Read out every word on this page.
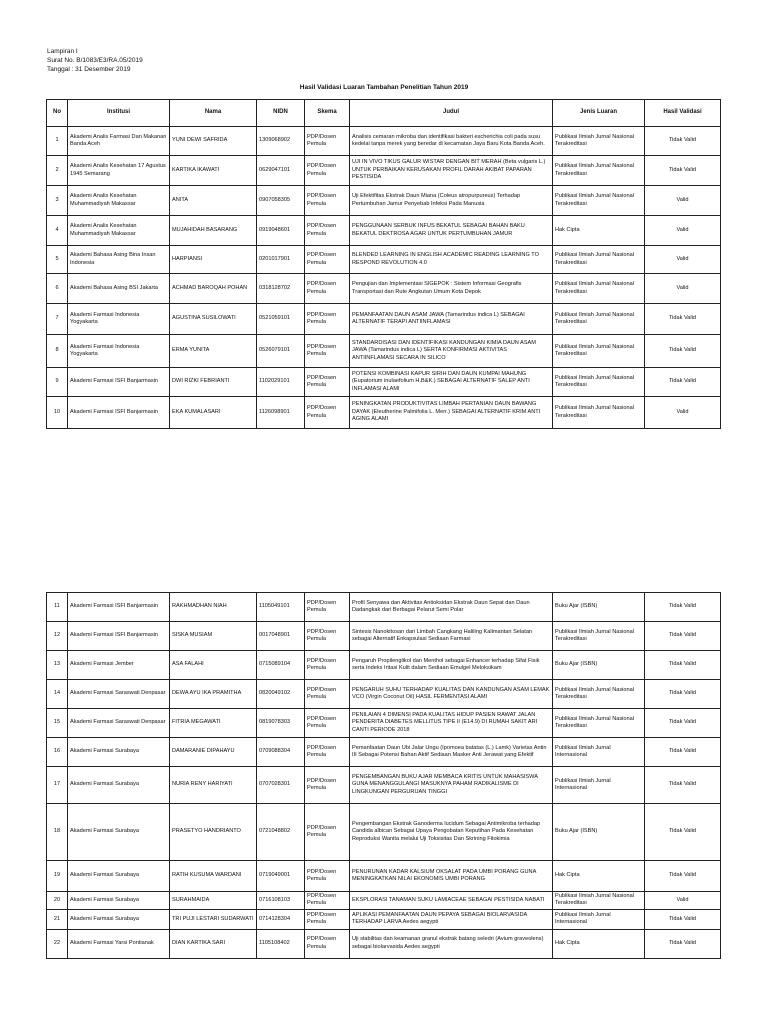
Lampiran I
Surat No. B/1083/E3/RA.05/2019
Tanggal : 31 Desember 2019
Hasil Validasi Luaran Tambahan Penelitian Tahun 2019
No	Institusi	Nama	NIDN	Skema	Judul	Jenis Luaran	Hasil Validasi
1	Akademi Analis Farmasi Dan Makanan Banda Aceh	YUNI DEWI SAFRIDA	1309068902	PDP/Dosen Pemula	Analisis cemaran mikroba dan identifikasi bakteri escherichia coli pada susu kedelai tanpa merek yang beredar di kecamatan Jaya Baru Kota Banda Aceh.	Publikasi Ilmiah Jurnal Nasional Terakreditasi	Tidak Valid
2	Akademi Analis Kesehatan 17 Agustus 1945 Semarang	KARTIKA IKAWATI	0629047101	PDP/Dosen Pemula	UJI IN VIVO TIKUS GALUR WISTAR DENGAN BIT MERAH (Beta vulgaris L.) UNTUK PERBAIKAN KERUSAKAN PROFIL DARAH AKIBAT PAPARAN PESTISIDA	Publikasi Ilmiah Jurnal Nasional Terakreditasi	Tidak Valid
3	Akademi Analis Kesehatan Muhammadiyah Makassar	ANITA	0907058305	PDP/Dosen Pemula	Uji Efektifitas Ekstrak Daun Miana (Coleus atropurpureus) Terhadap Pertumbuhan Jamur Penyebab Infeksi Pada Manusia	Publikasi Ilmiah Jurnal Nasional Terakreditasi	Valid
4	Akademi Analis Kesehatan Muhammadiyah Makassar	MUJAHIDAH BASARANG	0919048601	PDP/Dosen Pemula	PENGGUNAAN SERBUK INFUS BEKATUL SEBAGAI BAHAN BAKU BEKATUL DEKTROSA AGAR UNTUK PERTUMBUHAN JAMUR	Hak Cipta	Valid
5	Akademi Bahasa Asing Bina Insan Indonesia	HARPIANSI	0201017901	PDP/Dosen Pemula	BLENDED LEARNING IN ENGLISH ACADEMIC READING LEARNING TO RESPOND REVOLUTION 4.0	Publikasi Ilmiah Jurnal Nasional Terakreditasi	Valid
6	Akademi Bahasa Asing BSI Jakarta	ACHMAD BAROQAH POHAN	0318128702	PDP/Dosen Pemula	Pengujian dan Implementasi SIGEPOK : Sistem Informasi Geografis Transportasi dan Rute Angkutan Umum Kota Depok	Publikasi Ilmiah Jurnal Nasional Terakreditasi	Valid
7	Akademi Farmasi Indonesia Yogyakarta	AGUSTINA SUSILOWATI	0521059101	PDP/Dosen Pemula	PEMANFAATAN DAUN ASAM JAWA (Tamarindus indica L) SEBAGAI ALTERNATIF TERAPI ANTIINFLAMASI	Publikasi Ilmiah Jurnal Nasional Terakreditasi	Tidak Valid
8	Akademi Farmasi Indonesia Yogyakarta	ERMA YUNITA	0526079101	PDP/Dosen Pemula	STANDARDISASI DAN IDENTIFIKASI KANDUNGAN KIMIA DAUN ASAM JAWA (Tamarindus indica L) SERTA KONFIRMASI AKTIVITAS ANTIINFLAMASI SECARA IN SILICO	Publikasi Ilmiah Jurnal Nasional Terakreditasi	Tidak Valid
9	Akademi Farmasi ISFI Banjarmasin	DWI RIZKI FEBRIANTI	1102029101	PDP/Dosen Pemula	POTENSI KOMBINASI KAPUR SIRIH DAN DAUN KUMPAI MAHUNG (Eupatorium inulaefolium H.B&K.) SEBAGAI ALTERNATIF SALEP ANTI INFLAMASI ALAMI	Publikasi Ilmiah Jurnal Nasional Terakreditasi	Tidak Valid
10	Akademi Farmasi ISFI Banjarmasin	EKA KUMALASARI	1126098901	PDP/Dosen Pemula	PENINGKATAN PRODUKTIVITAS LIMBAH PERTANIAN DAUN BAWANG DAYAK (Eleutherine Palmifolia L. Merr.) SEBAGAI ALTERNATIF KRIM ANTI AGING ALAMI	Publikasi Ilmiah Jurnal Nasional Terakreditasi	Valid
11	Akademi Farmasi ISFI Banjarmasin	RAKHMADHAN NIAH	1105049101	PDP/Dosen Pemula	Profil Senyawa dan Aktivitas Antioksidan Ekstrak Daun Sepat dan Daun Dadangkak dari Berbagai Pelarut Semi Polar	Buku Ajar (ISBN)	Tidak Valid
12	Akademi Farmasi ISFI Banjarmasin	SISKA MUSIAM	0017048901	PDP/Dosen Pemula	Sintesis Nanokitosan dari Limbah Cangkang Haliling Kalimantan Selatan sebagai Alternatif Enkapsulasi Sediaan Farmasi	Publikasi Ilmiah Jurnal Nasional Terakreditasi	Tidak Valid
13	Akademi Farmasi Jember	ASA FALAHI	0715089104	PDP/Dosen Pemula	Pengaruh Propilenglikol dan Menthol sebagai Enhancer terhadap Sifat Fisik serta Indeks Iritasi Kulit dalam Sediaan Emulgel Meloksikam	Buku Ajar (ISBN)	Tidak Valid
14	Akademi Farmasi Saraswati Denpasar	DEWA AYU IKA PRAMITHA	0820049102	PDP/Dosen Pemula	PENGARUH SUHU TERHADAP KUALITAS DAN KANDUNGAN ASAM LEMAK VCO (Virgin Coconut Oil) HASIL FERMENTASI ALAMI	Publikasi Ilmiah Jurnal Nasional Terakreditasi	Tidak Valid
15	Akademi Farmasi Saraswati Denpasar	FITRIA MEGAWATI	0819078303	PDP/Dosen Pemula	PENILAIAN 4 DIMENSI PADA KUALITAS HIDUP PASIEN RAWAT JALAN PENDERITA DIABETES MELLITUS TIPE II (E14.9) DI RUMAH SAKIT ARI CANTI PERIODE 2018	Publikasi Ilmiah Jurnal Nasional Terakreditasi	Tidak Valid
16	Akademi Farmasi Surabaya	DAMARANIE DIPAHAYU	0709088304	PDP/Dosen Pemula	Pemanfaatan Daun Ubi Jalar Ungu (Ipomoea batatas (L.) Lamk) Varietas Antin III Sebagai Potensi Bahan Aktif Sediaan Masker Anti Jerawat yang Efektif	Publikasi Ilmiah Jurnal Internasional	Tidak Valid
17	Akademi Farmasi Surabaya	NURIA RENY HARIYATI	0707028301	PDP/Dosen Pemula	PENGEMBANGAN BUKU AJAR MEMBACA KRITIS UNTUK MAHASISWA GUNA MENANGGULANGI MASUKNYA PAHAM RADIKALISME DI LINGKUNGAN PERGURUAN TINGGI	Publikasi Ilmiah Jurnal Internasional	Tidak Valid
18	Akademi Farmasi Surabaya	PRASETYO HANDRIANTO	0721048802	PDP/Dosen Pemula	Pengembangan Ekstrak Ganoderma lucidum Sebagai Antimikroba terhadap Candida albican Sebagai Upaya Pengobatan Keputihan Pada Kesehatan Reproduksi Wanita melalui Uji Toksisitas Dan Skrining Fitokimia	Buku Ajar (ISBN)	Tidak Valid
19	Akademi Farmasi Surabaya	RATIH KUSUMA WARDANI	0719049001	PDP/Dosen Pemula	PENURUNAN KADAR KALSIUM OKSALAT PADA UMBI PORANG GUNA MENINGKATKAN NILAI EKONOMIS UMBI PORANG	Hak Cipta	Tidak Valid
20	Akademi Farmasi Surabaya	SURAHMAIDA	0716108103	PDP/Dosen Pemula	EKSPLORASI TANAMAN SUKU LAMIACEAE SEBAGAI PESTISIDA NABATI	Publikasi Ilmiah Jurnal Nasional Terakreditasi	Valid
21	Akademi Farmasi Surabaya	TRI PUJI LESTARI SUDARWATI	0714128304	PDP/Dosen Pemula	APLIKASI PEMANFAATAN DAUN PEPAYA SEBAGAI BIOLARVASIDA TERHADAP LARVA Aedes aegypti	Publikasi Ilmiah Jurnal Internasional	Tidak Valid
22	Akademi Farmasi Yarsi Pontianak	DIAN KARTIKA SARI	1105108402	PDP/Dosen Pemula	Uji stabilitas dan keamanan granul ekstrak batang seledri (Avium graveolens) sebagai biolarvasida Aedes aegypti	Hak Cipta	Tidak Valid
